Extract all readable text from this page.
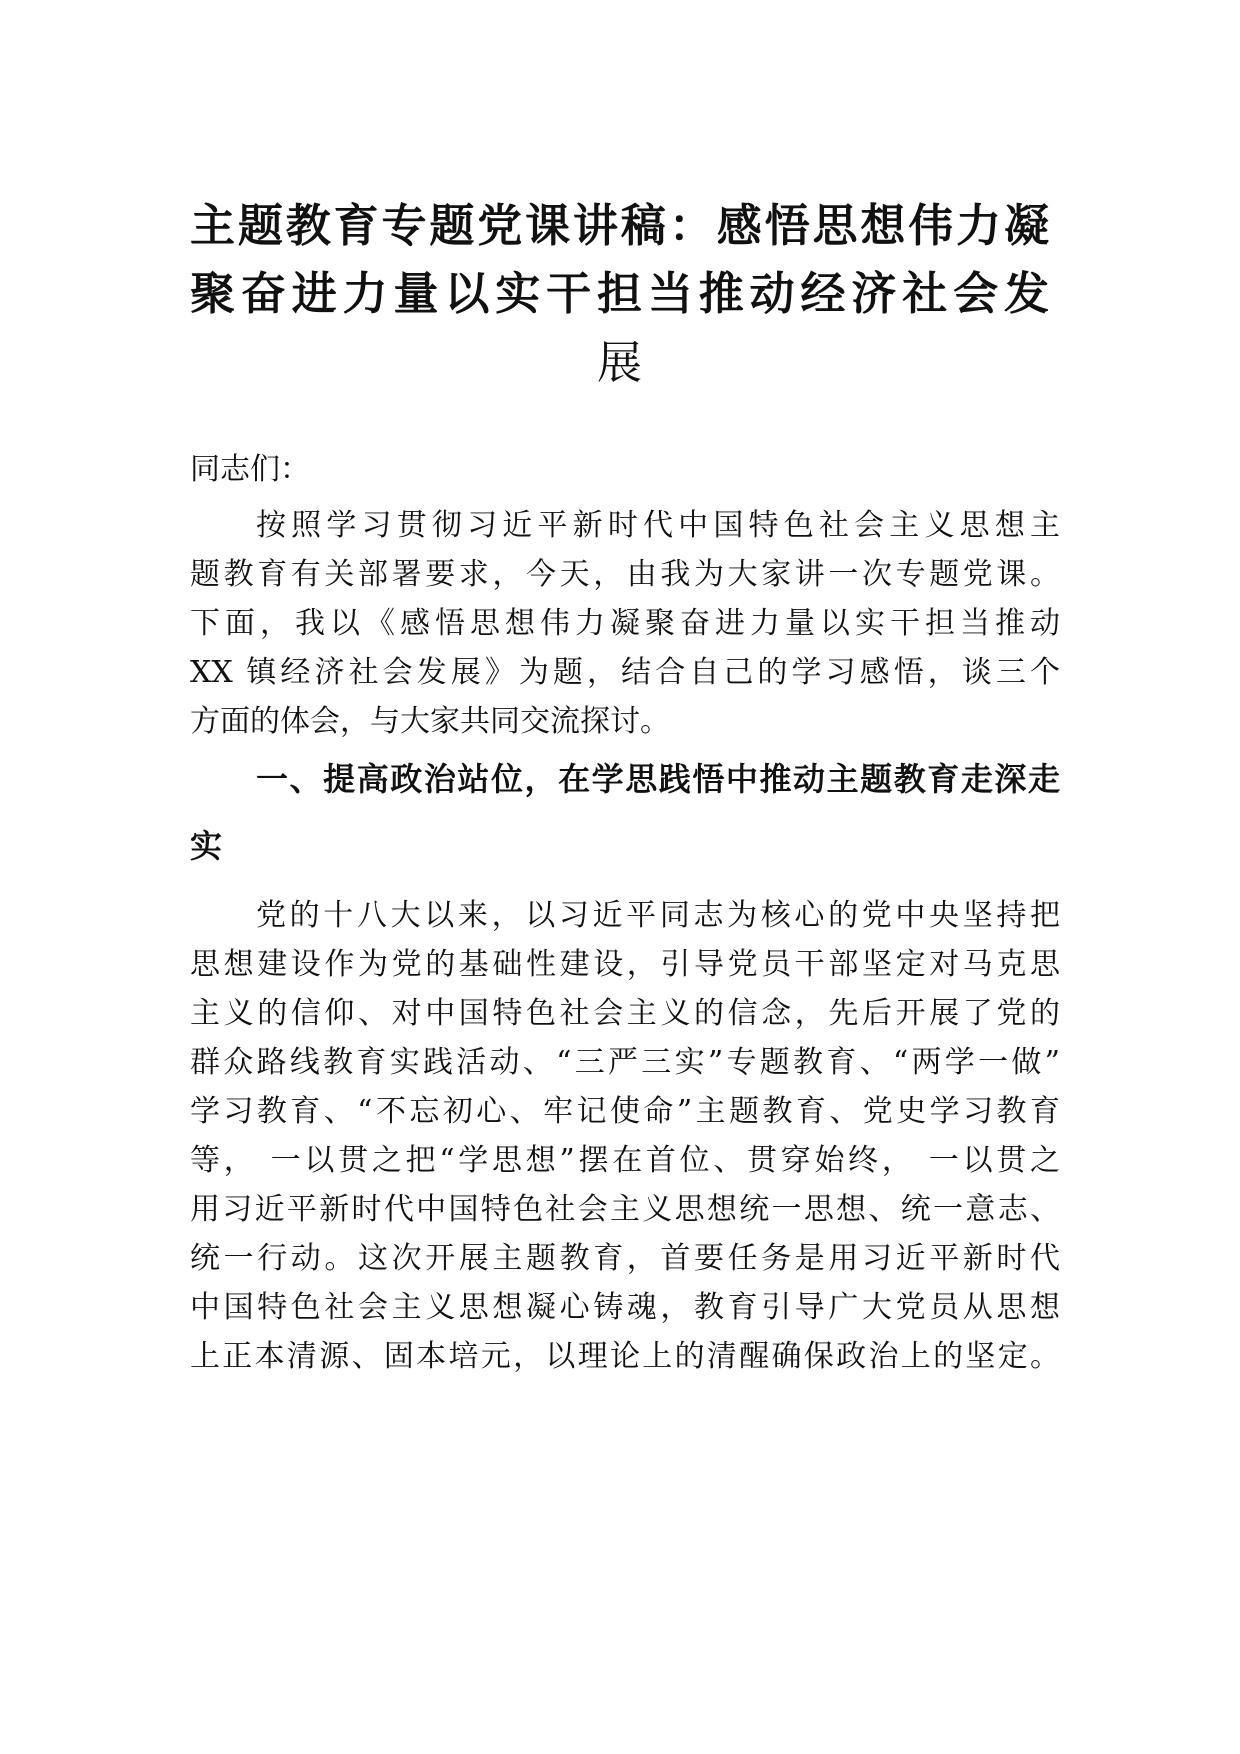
主题教育专题党课讲稿：感悟思想伟力凝
聚奋进力量以实干担当推动经济社会发
展
同志们：
按照学习贯彻习近平新时代中国特色社会主义思想主
题教育有关部署要求，今天，由我为大家讲一次专题党课。
下面，我以《感悟思想伟力凝聚奋进力量以实干担当推动
XX 镇经济社会发展》为题，结合自己的学习感悟，谈三个
方面的体会，与大家共同交流探讨。
一、提高政治站位，在学思践悟中推动主题教育走深走
实
党的十八大以来，以习近平同志为核心的党中央坚持把
思想建设作为党的基础性建设，引导党员干部坚定对马克思
主义的信仰、对中国特色社会主义的信念，先后开展了党的
群众路线教育实践活动、“三严三实”专题教育、“两学一做”
学习教育、“不忘初心、牢记使命”主题教育、党史学习教育
等， 一以贯之把“学思想”摆在首位、贯穿始终， 一以贯之
用习近平新时代中国特色社会主义思想统一思想、统一意志、
统一行动。这次开展主题教育，首要任务是用习近平新时代
中国特色社会主义思想凝心铸魂，教育引导广大党员从思想
上正本清源、固本培元，以理论上的清醒确保政治上的坚定。
